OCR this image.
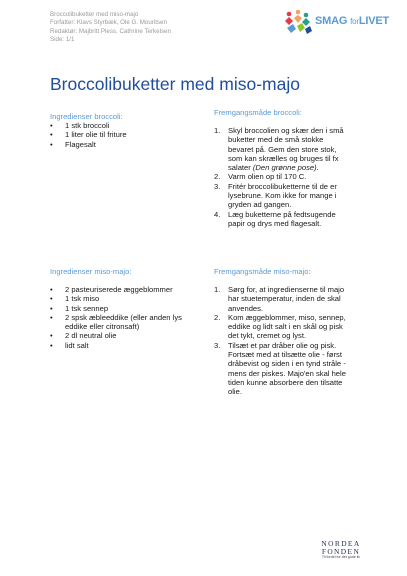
Broccolibuketter med miso-majo
Forfatter: Klavs Styrbæk, Ole G. Mouritsen
Redaktør: Majbritt Pless, Cathrine Terkelsen
Side: 1/1
SMAG forLIVET
Broccolibuketter med miso-majo
Ingredienser broccoli:
• 1 stk broccoli
• 1 liter olie til friture
• Flagesalt
Fremgangsmåde broccoli:
1. Skyl broccolien og skær den i små
buketter med de små stokke
bevaret på. Gem den store stok,
som kan skrælles og bruges til fx
salater (Den grønne pose).
2. Varm olien op til 170 C.
3. Fritér broccolibuketterne til de er
lysebrune. Kom ikke for mange i
gryden ad gangen.
4. Læg buketterne på fedtsugende
papir og drys med flagesalt.
Ingredienser miso-majo:
• 2 pasteuriserede æggeblommer
• 1 tsk miso
• 1 tsk sennep
• 2 spsk æbleeddike (eller anden lys
eddike eller citronsaft)
• 2 dl neutral olie
• lidt salt
Fremgangsmåde miso-majo:
1. Sørg for, at ingredienserne til majo
har stuetemperatur, inden de skal
anvendes.
2. Kom æggeblommer, miso, sennep,
eddike og lidt salt i en skål og pisk
det tykt, cremet og lyst.
3. Tilsæt et par dråber olie og pisk.
Fortsæt med at tilsætte olie - først
dråbevist og siden i en tynd stråle -
mens der piskes. Majo'en skal hele
tiden kunne absorbere den tilsatte
olie.
NORDEA
FONDEN
Til fordel for det gode liv
